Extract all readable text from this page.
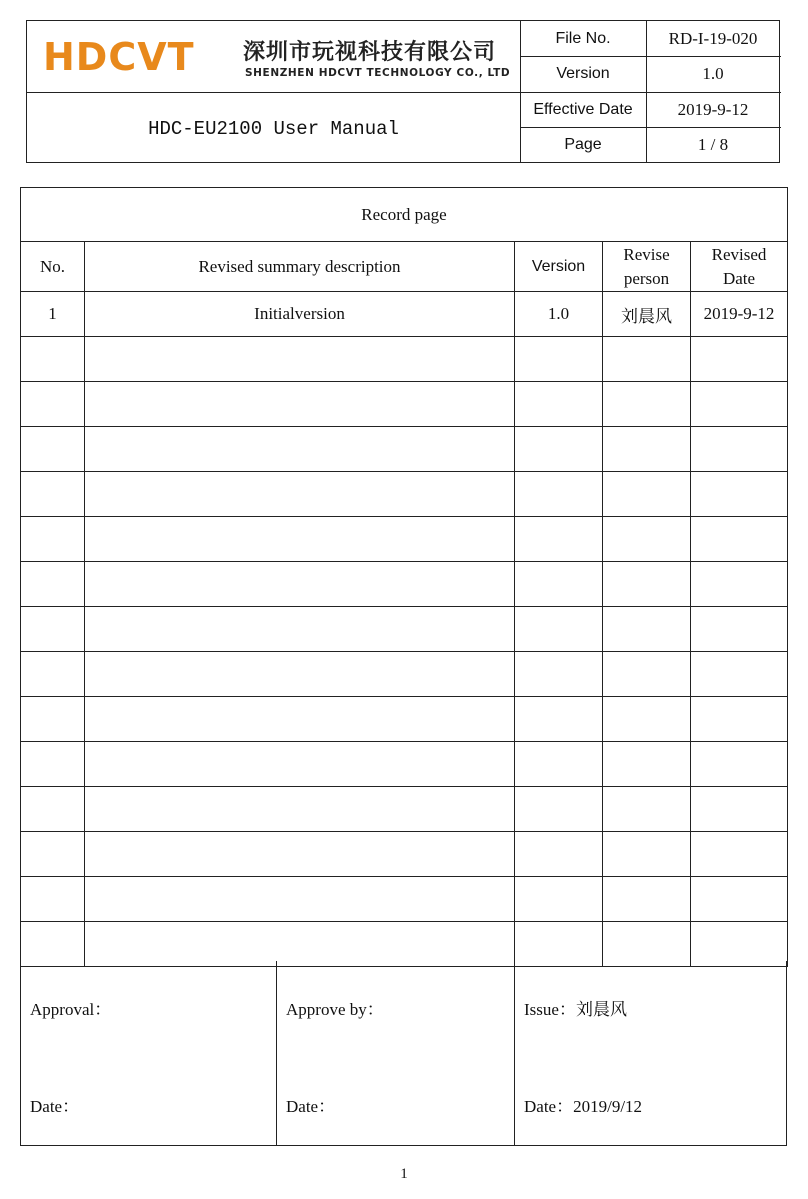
HDCVT 深圳市玩视科技有限公司
SHENZHEN HDCVT TECHNOLOGY CO., LTD
HDC-EU2100 User Manual
File No.	RD-I-19-020
Version	1.0
Effective Date	2019-9-12
Page	1 / 8
Record page				
No.	Revised summary description	Version	Revise person	Revised Date
1	Initialversion	1.0	刘晨风	2019-9-12

Approval：
Date：
Approve by：
Date：
Issue：刘晨风
Date：2019/9/12
1
